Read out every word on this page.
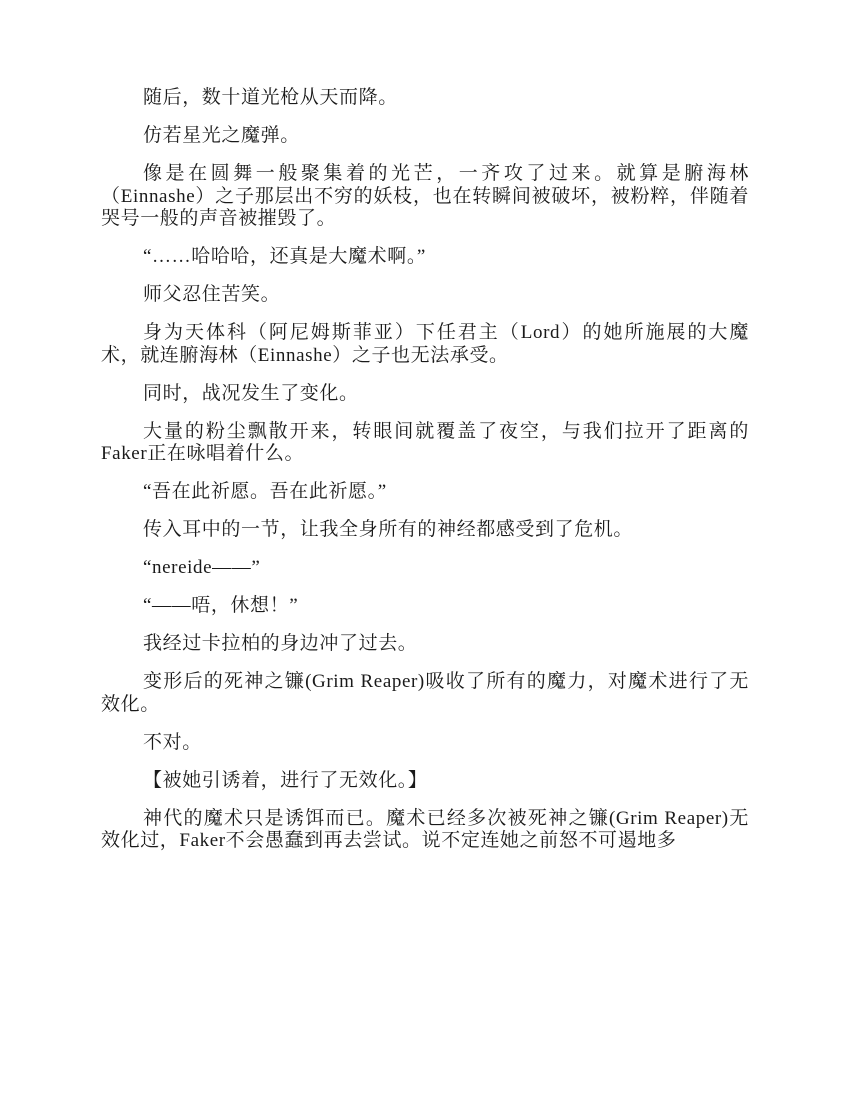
随后，数十道光枪从天而降。

仿若星光之魔弹。

像是在圆舞一般聚集着的光芒，一齐攻了过来。就算是腑海林（Einnashe）之子那层出不穷的妖枝，也在转瞬间被破坏，被粉粹，伴随着哭号一般的声音被摧毁了。

“……哈哈哈，还真是大魔术啊。”

师父忍住苦笑。

身为天体科（阿尼姆斯菲亚）下任君主（Lord）的她所施展的大魔术，就连腑海林（Einnashe）之子也无法承受。

同时，战况发生了变化。

大量的粉尘飘散开来，转眼间就覆盖了夜空，与我们拉开了距离的Faker正在咏唱着什么。

“吾在此祈愿。吾在此祈愿。”

传入耳中的一节，让我全身所有的神经都感受到了危机。

“nereide——”

“——唔，休想！”

我经过卡拉柏的身边冲了过去。

变形后的死神之镰(Grim Reaper)吸收了所有的魔力，对魔术进行了无效化。

不对。

【被她引诱着，进行了无效化。】

神代的魔术只是诱饵而已。魔术已经多次被死神之镰(Grim Reaper)无效化过，Faker不会愚蠢到再去尝试。说不定连她之前怒不可遏地多
